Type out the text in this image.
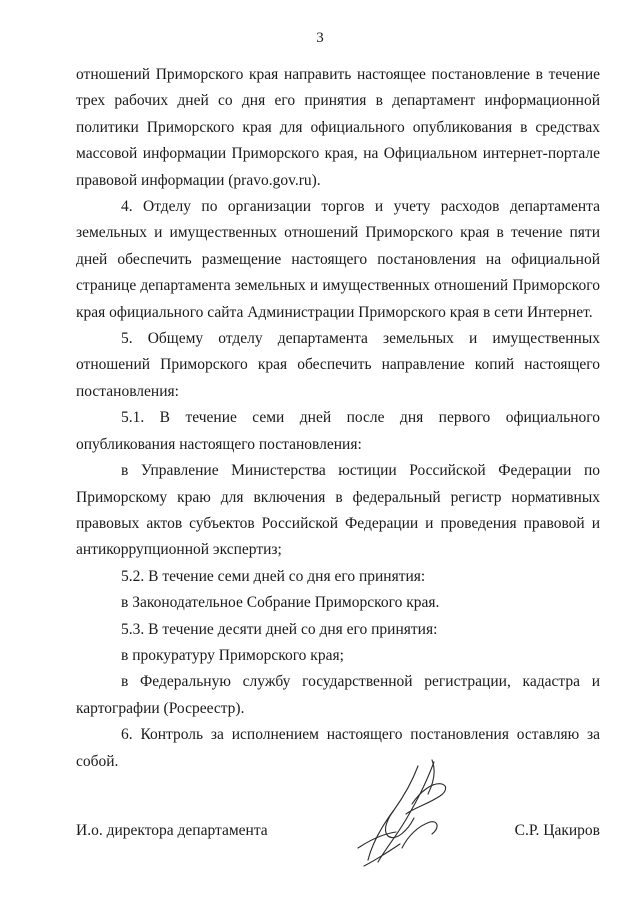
3

отношений Приморского края направить настоящее постановление в течение трех рабочих дней со дня его принятия в департамент информационной политики Приморского края для официального опубликования в средствах массовой информации Приморского края, на Официальном интернет-портале правовой информации (pravo.gov.ru).

4. Отделу по организации торгов и учету расходов департамента земельных и имущественных отношений Приморского края в течение пяти дней обеспечить размещение настоящего постановления на официальной странице департамента земельных и имущественных отношений Приморского края официального сайта Администрации Приморского края в сети Интернет.

5. Общему отделу департамента земельных и имущественных отношений Приморского края обеспечить направление копий настоящего постановления:

5.1. В течение семи дней после дня первого официального опубликования настоящего постановления:

в Управление Министерства юстиции Российской Федерации по Приморскому краю для включения в федеральный регистр нормативных правовых актов субъектов Российской Федерации и проведения правовой и антикоррупционной экспертиз;

5.2. В течение семи дней со дня его принятия:

в Законодательное Собрание Приморского края.

5.3. В течение десяти дней со дня его принятия:

в прокуратуру Приморского края;

в Федеральную службу государственной регистрации, кадастра и картографии (Росреестр).

6. Контроль за исполнением настоящего постановления оставляю за собой.

И.о. директора департамента	С.Р. Цакиров
